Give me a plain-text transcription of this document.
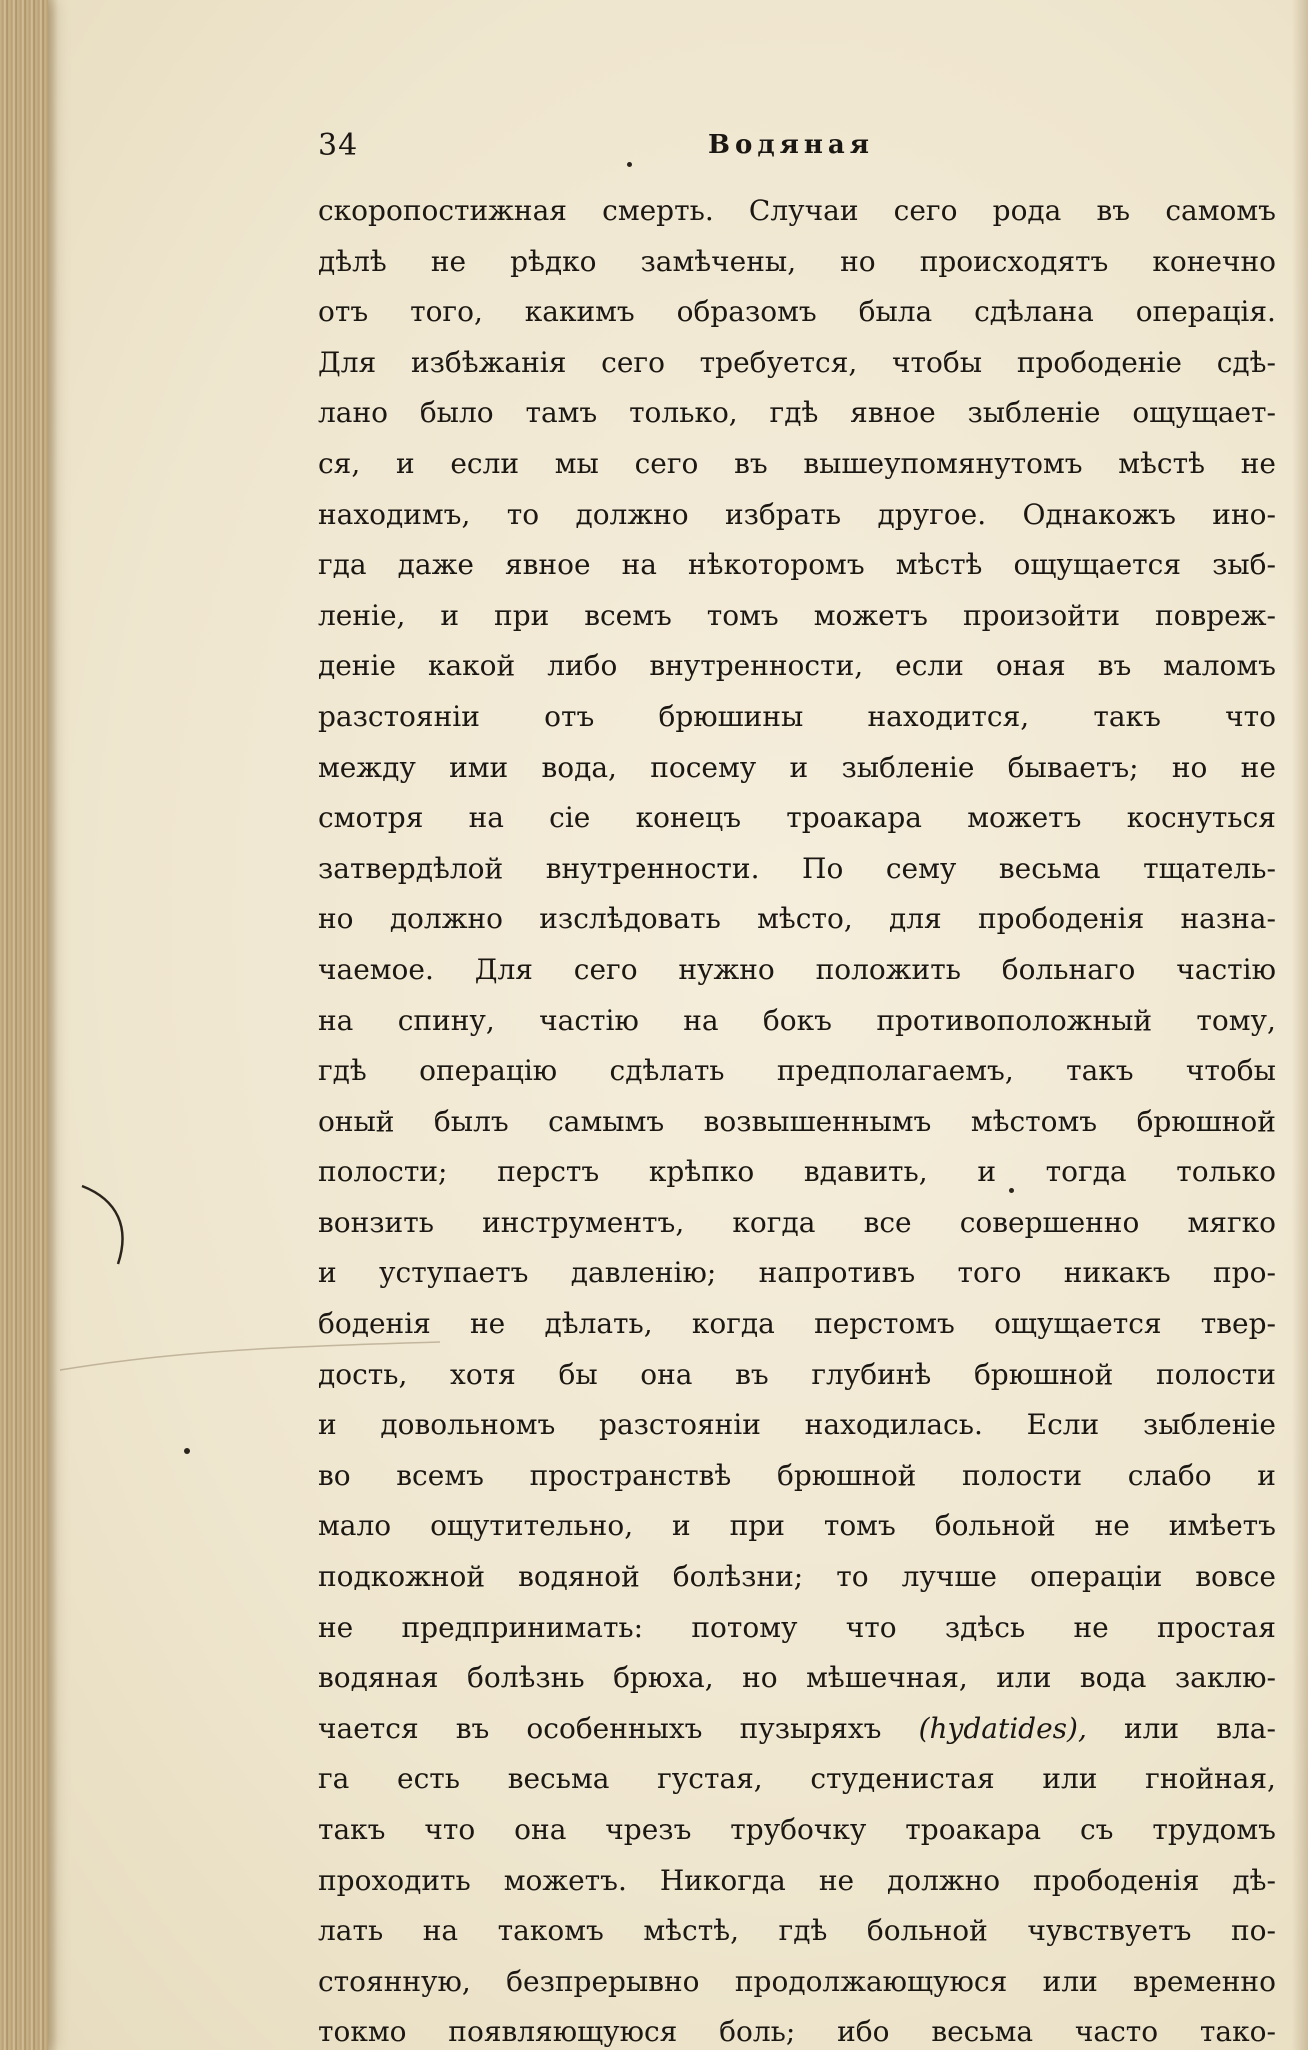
34	Водяная
скоропостижная смерть. Случаи сего рода въ самомъ
дѣлѣ не рѣдко замѣчены, но происходятъ конечно
отъ того, какимъ образомъ была сдѣлана операція.
Для избѣжанія сего требуется, чтобы прободеніе сдѣ-
лано было тамъ только, гдѣ явное зыбленіе ощущает-
ся, и если мы сего въ вышеупомянутомъ мѣстѣ не
находимъ, то должно избрать другое. Однакожъ ино-
гда даже явное на нѣкоторомъ мѣстѣ ощущается зыб-
леніе, и при всемъ томъ можетъ произойти повреж-
деніе какой либо внутренности, если оная въ маломъ
разстояніи отъ брюшины находится, такъ что
между ими вода, посему и зыбленіе бываетъ; но не
смотря на сіе конецъ троакара можетъ коснуться
затвердѣлой внутренности. По сему весьма тщатель-
но должно изслѣдовать мѣсто, для прободенія назна-
чаемое. Для сего нужно положить больнаго частію
на спину, частію на бокъ противоположный тому,
гдѣ операцію сдѣлать предполагаемъ, такъ чтобы
оный былъ самымъ возвышеннымъ мѣстомъ брюшной
полости; перстъ крѣпко вдавить, и тогда только
вонзить инструментъ, когда все совершенно мягко
и уступаетъ давленію; напротивъ того никакъ про-
бoденія не дѣлать, когда перстомъ ощущается твер-
дость, хотя бы она въ глубинѣ брюшной полости
и довольномъ разстояніи находилась. Если зыбленіе
во всемъ пространствѣ брюшной полости слабо и
мало ощутительно, и при томъ больной не имѣетъ
подкожной водяной болѣзни; то лучше операціи вовсе
не предпринимать: потому что здѣсь не простая
водяная болѣзнь брюха, но мѣшечная, или вода заклю-
чается въ особенныхъ пузыряхъ (hydatides), или влa-
га есть весьма густая, студенистая или гнойная,
такъ что она чрезъ трубочку троакара съ трудомъ
проходить можетъ. Никогда не должно прободенія дѣ-
лать на такомъ мѣстѣ, гдѣ больной чувствуетъ по-
стоянную, безпрерывно продолжающуюся или временно
токмо появляющуюся боль; ибо весьма часто тако-
